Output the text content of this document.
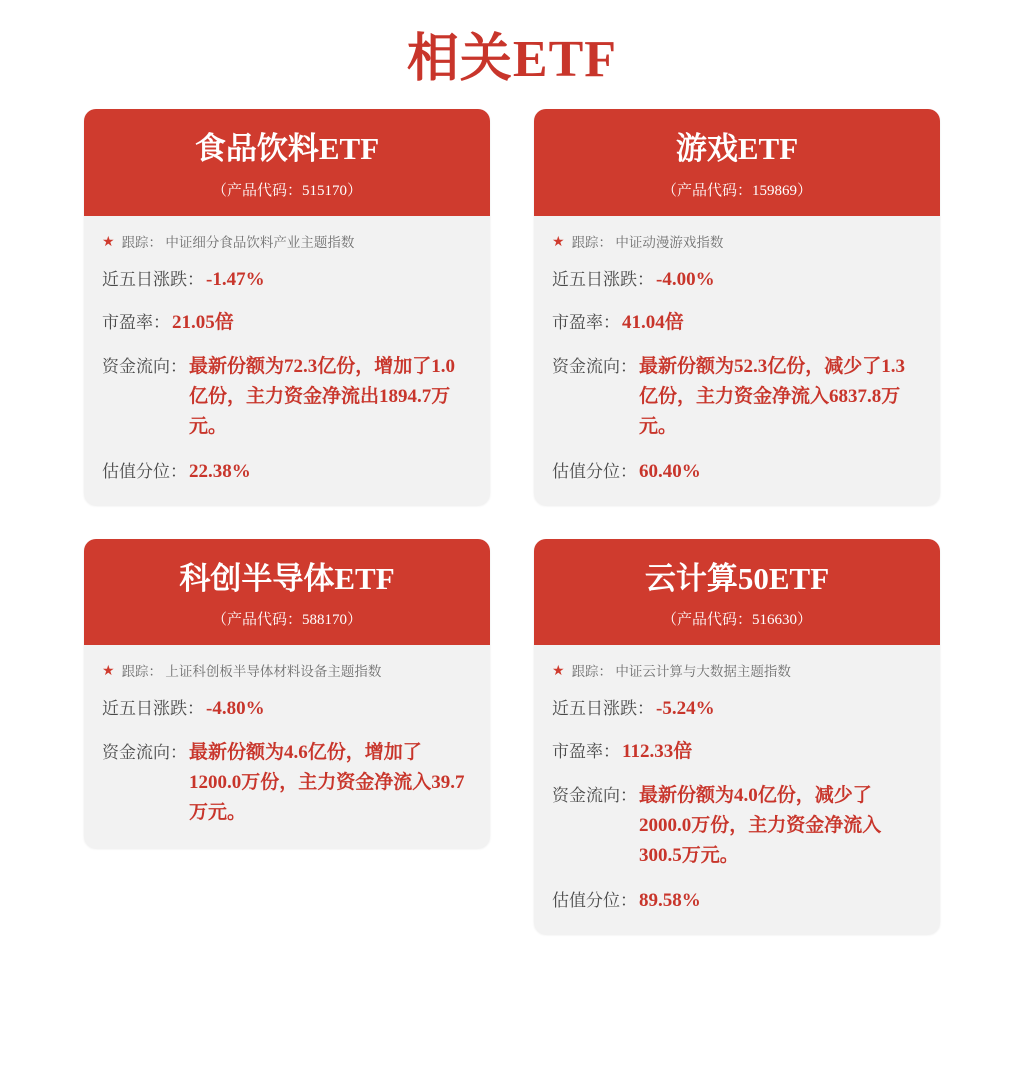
相关ETF
食品饮料ETF
（产品代码：515170）
★ 跟踪： 中证细分食品饮料产业主题指数
近五日涨跌： -1.47%
市盈率： 21.05倍
资金流向： 最新份额为72.3亿份，增加了1.0亿份，主力资金净流出1894.7万元。
估值分位： 22.38%
游戏ETF
（产品代码：159869）
★ 跟踪： 中证动漫游戏指数
近五日涨跌： -4.00%
市盈率： 41.04倍
资金流向： 最新份额为52.3亿份，减少了1.3亿份，主力资金净流入6837.8万元。
估值分位： 60.40%
科创半导体ETF
（产品代码：588170）
★ 跟踪： 上证科创板半导体材料设备主题指数
近五日涨跌： -4.80%
资金流向： 最新份额为4.6亿份，增加了1200.0万份，主力资金净流入39.7万元。
云计算50ETF
（产品代码：516630）
★ 跟踪： 中证云计算与大数据主题指数
近五日涨跌： -5.24%
市盈率： 112.33倍
资金流向： 最新份额为4.0亿份，减少了2000.0万份，主力资金净流入300.5万元。
估值分位： 89.58%
